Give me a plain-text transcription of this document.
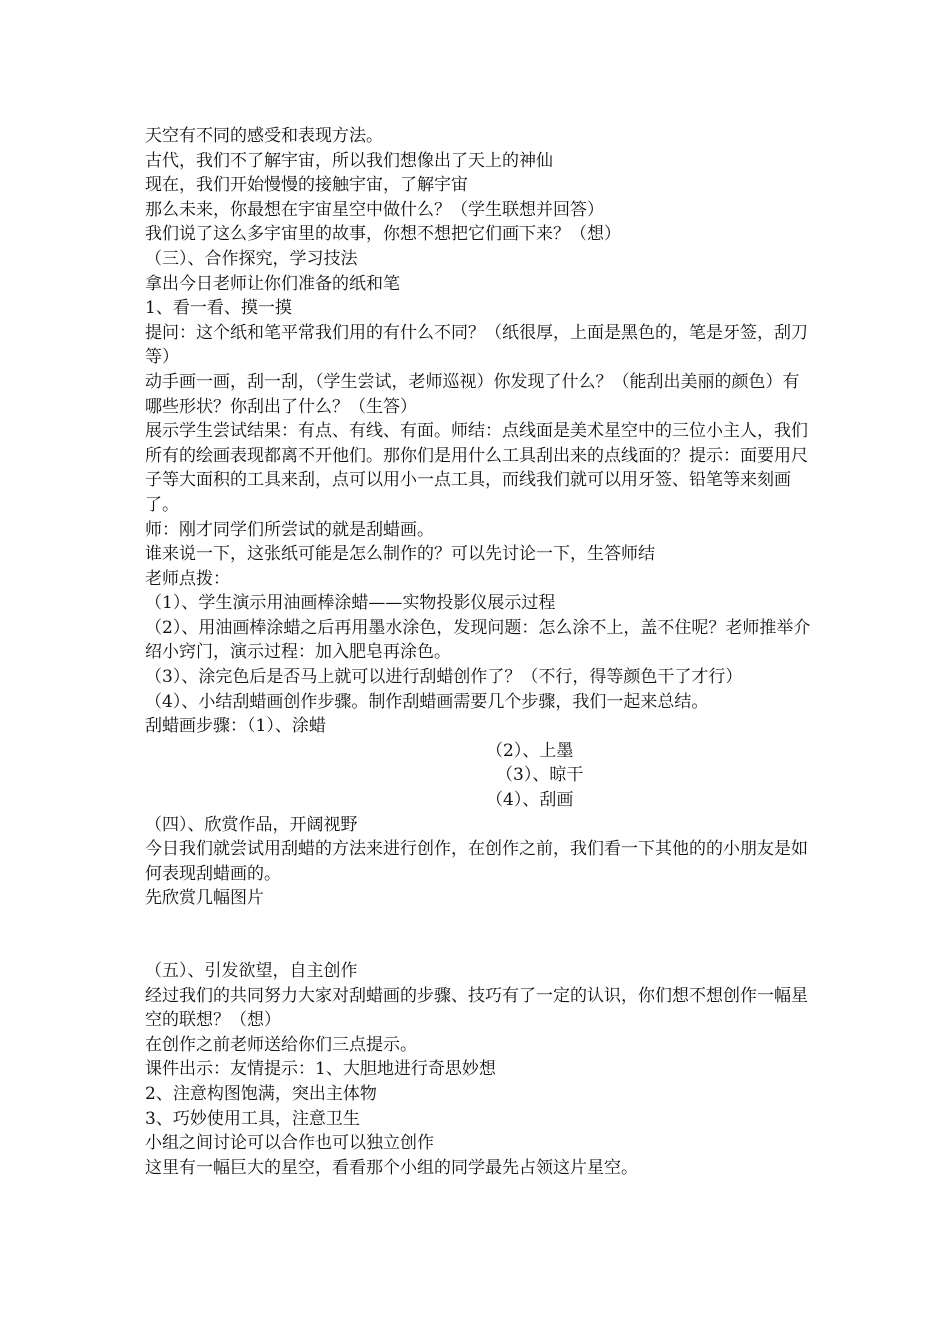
天空有不同的感受和表现方法。
古代，我们不了解宇宙，所以我们想像出了天上的神仙
现在，我们开始慢慢的接触宇宙，了解宇宙
那么未来，你最想在宇宙星空中做什么？（学生联想并回答）
我们说了这么多宇宙里的故事，你想不想把它们画下来？（想）
（三）、合作探究，学习技法
拿出今日老师让你们准备的纸和笔
1、看一看、摸一摸
提问：这个纸和笔平常我们用的有什么不同？（纸很厚，上面是黑色的，笔是牙签，刮刀等）
动手画一画，刮一刮，（学生尝试，老师巡视）你发现了什么？（能刮出美丽的颜色）有哪些形状？你刮出了什么？（生答）
展示学生尝试结果：有点、有线、有面。师结：点线面是美术星空中的三位小主人，我们所有的绘画表现都离不开他们。那你们是用什么工具刮出来的点线面的？提示：面要用尺子等大面积的工具来刮，点可以用小一点工具，而线我们就可以用牙签、铅笔等来刻画了。
师：刚才同学们所尝试的就是刮蜡画。
谁来说一下，这张纸可能是怎么制作的？可以先讨论一下，生答师结
老师点拨：
（1）、学生演示用油画棒涂蜡——实物投影仪展示过程
（2）、用油画棒涂蜡之后再用墨水涂色，发现问题：怎么涂不上，盖不住呢？老师推举介绍小窍门，演示过程：加入肥皂再涂色。
（3）、涂完色后是否马上就可以进行刮蜡创作了？（不行，得等颜色干了才行）
（4）、小结刮蜡画创作步骤。制作刮蜡画需要几个步骤，我们一起来总结。
刮蜡画步骤：（1）、涂蜡
（2）、上墨
（3）、晾干
（4）、刮画
（四）、欣赏作品，开阔视野
今日我们就尝试用刮蜡的方法来进行创作，在创作之前，我们看一下其他的的小朋友是如何表现刮蜡画的。
先欣赏几幅图片
（五）、引发欲望，自主创作
经过我们的共同努力大家对刮蜡画的步骤、技巧有了一定的认识，你们想不想创作一幅星空的联想？（想）
在创作之前老师送给你们三点提示。
课件出示：友情提示：1、大胆地进行奇思妙想
2、注意构图饱满，突出主体物
3、巧妙使用工具，注意卫生
小组之间讨论可以合作也可以独立创作
这里有一幅巨大的星空，看看那个小组的同学最先占领这片星空。
